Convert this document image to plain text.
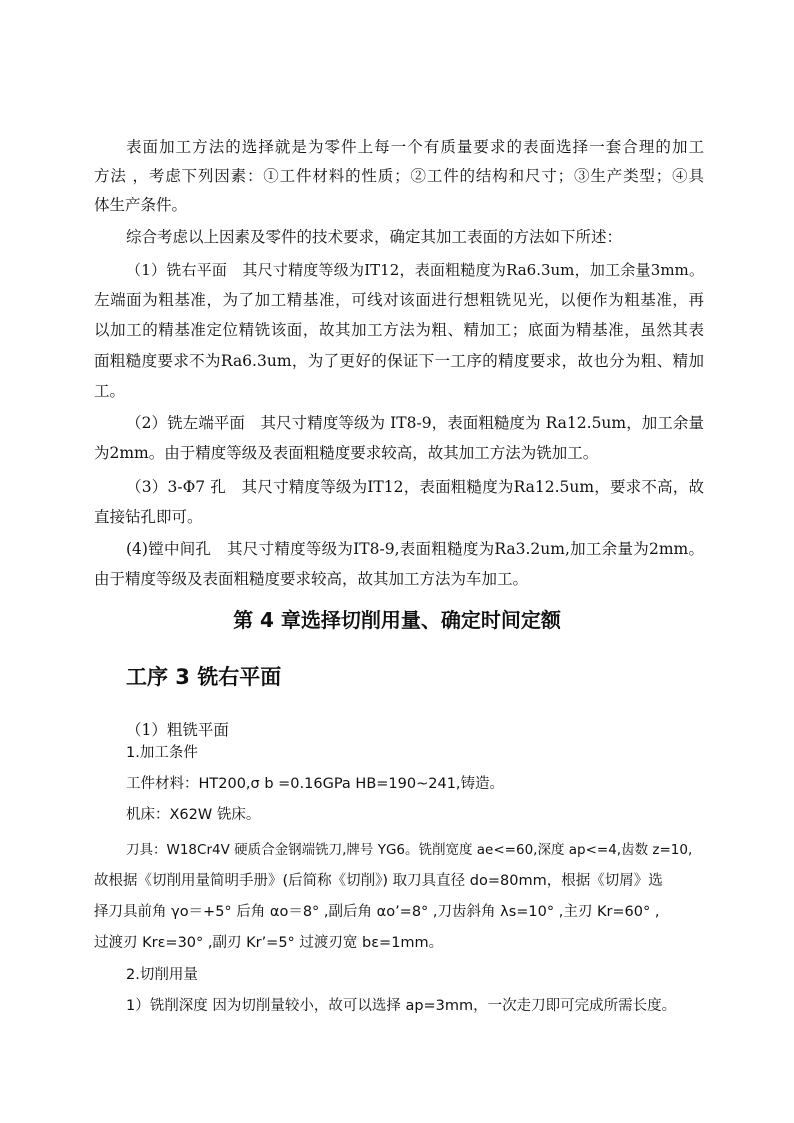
表面加工方法的选择就是为零件上每一个有质量要求的表面选择一套合理的加工
方法 ，考虑下列因素：①工件材料的性质；②工件的结构和尺寸；③生产类型；④具
体生产条件。
综合考虑以上因素及零件的技术要求，确定其加工表面的方法如下所述：
（1）铣右平面　其尺寸精度等级为IT12，表面粗糙度为Ra6.3um，加工余量3mm。
左端面为粗基准，为了加工精基准，可线对该面进行想粗铣见光，以便作为粗基准，再
以加工的精基准定位精铣该面，故其加工方法为粗、精加工；底面为精基准，虽然其表
面粗糙度要求不为Ra6.3um，为了更好的保证下一工序的精度要求，故也分为粗、精加
工。
（2）铣左端平面　其尺寸精度等级为 IT8-9，表面粗糙度为 Ra12.5um，加工余量
为2mm。由于精度等级及表面粗糙度要求较高，故其加工方法为铣加工。
（3）3-Φ7 孔　其尺寸精度等级为IT12，表面粗糙度为Ra12.5um，要求不高，故
直接钻孔即可。
(4)镗中间孔　其尺寸精度等级为IT8-9,表面粗糙度为Ra3.2um,加工余量为2mm。
由于精度等级及表面粗糙度要求较高，故其加工方法为车加工。
第 4 章选择切削用量、确定时间定额
工序 3 铣右平面
（1）粗铣平面
1.加工条件
工件材料：HT200,σ b =0.16GPa HB=190~241,铸造。
机床：X62W 铣床。
刀具：W18Cr4V 硬质合金钢端铣刀,牌号 YG6。铣削宽度 ae<=60,深度 ap<=4,齿数 z=10,
故根据《切削用量简明手册》(后简称《切削》) 取刀具直径 do=80mm，根据《切屑》选
择刀具前角 γo＝+5° 后角 αo＝8° ,副后角 αo’=8° ,刀齿斜角 λs=10° ,主刃 Kr=60° ,
过渡刃 Krε=30° ,副刃 Kr’=5° 过渡刃宽 bε=1mm。
2.切削用量
1）铣削深度 因为切削量较小，故可以选择 ap=3mm，一次走刀即可完成所需长度。
